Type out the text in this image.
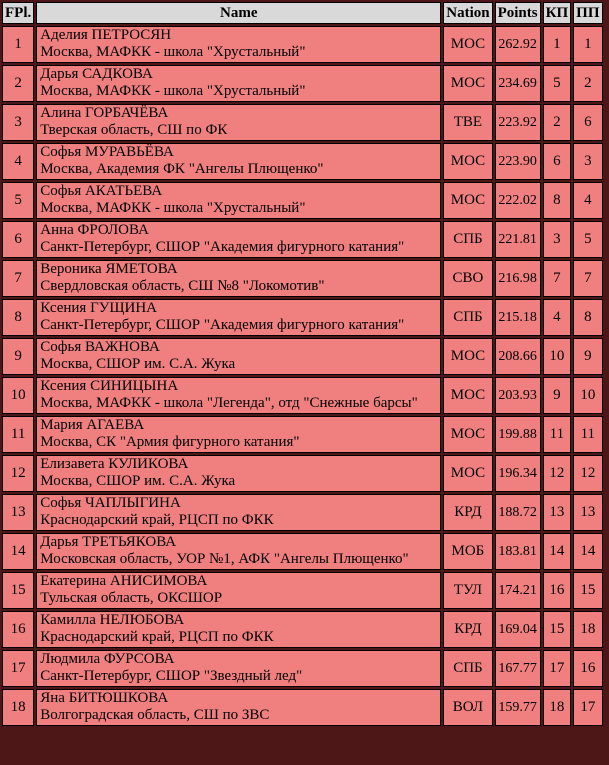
FPl.	Name	Nation	Points	КП	ПП
1	Аделия ПЕТРОСЯН
Москва, МАФКК - школа "Хрустальный"	МОС	262.92	1	1
2	Дарья САДКОВА
Москва, МАФКК - школа "Хрустальный"	МОС	234.69	5	2
3	Алина ГОРБАЧЁВА
Тверская область, СШ по ФК	ТВЕ	223.92	2	6
4	Софья МУРАВЬЁВА
Москва, Академия ФК "Ангелы Плющенко"	МОС	223.90	6	3
5	Софья АКАТЬЕВА
Москва, МАФКК - школа "Хрустальный"	МОС	222.02	8	4
6	Анна ФРОЛОВА
Санкт-Петербург, СШОР "Академия фигурного катания"	СПБ	221.81	3	5
7	Вероника ЯМЕТОВА
Свердловская область, СШ №8 "Локомотив"	СВО	216.98	7	7
8	Ксения ГУЩИНА
Санкт-Петербург, СШОР "Академия фигурного катания"	СПБ	215.18	4	8
9	Софья ВАЖНОВА
Москва, СШОР им. С.А. Жука	МОС	208.66	10	9
10	Ксения СИНИЦЫНА
Москва, МАФКК - школа "Легенда", отд "Снежные барсы"	МОС	203.93	9	10
11	Мария АГАЕВА
Москва, СК "Армия фигурного катания"	МОС	199.88	11	11
12	Елизавета КУЛИКОВА
Москва, СШОР им. С.А. Жука	МОС	196.34	12	12
13	Софья ЧАПЛЫГИНА
Краснодарский край, РЦСП по ФКК	КРД	188.72	13	13
14	Дарья ТРЕТЬЯКОВА
Московская область, УОР №1, АФК "Ангелы Плющенко"	МОБ	183.81	14	14
15	Екатерина АНИСИМОВА
Тульская область, ОКСШОР	ТУЛ	174.21	16	15
16	Камилла НЕЛЮБОВА
Краснодарский край, РЦСП по ФКК	КРД	169.04	15	18
17	Людмила ФУРСОВА
Санкт-Петербург, СШОР "Звездный лед"	СПБ	167.77	17	16
18	Яна БИТЮШКОВА
Волгоградская область, СШ по ЗВС	ВОЛ	159.77	18	17
